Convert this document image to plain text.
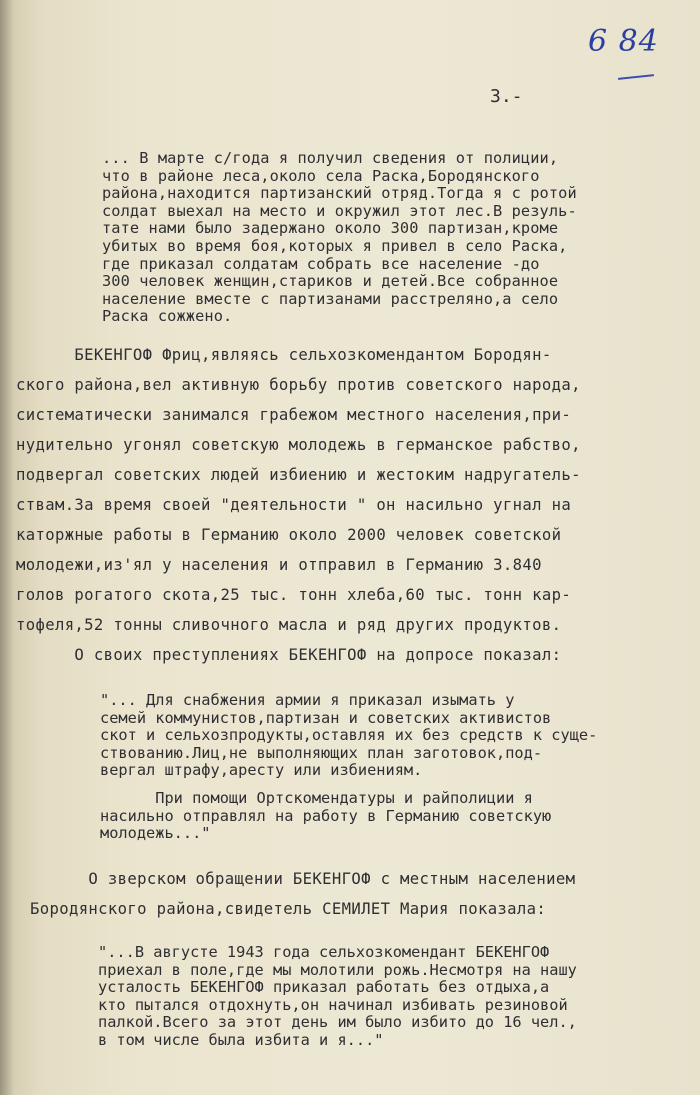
6 84
3.-
... В марте с/года я получил сведения от полиции,
что в районе леса,около села Раска,Бородянского
района,находится партизанский отряд.Тогда я с ротой
солдат выехал на место и окружил этот лес.В резуль-
тате нами было задержано около 300 партизан,кроме
убитых во время боя,которых я привел в село Раска,
где приказал солдатам собрать все население -до
300 человек женщин,стариков и детей.Все собранное
население вместе с партизанами расстреляно,а село
Раска сожжено.
БЕКЕНГОФ Фриц,являясь сельхозкомендантом Бородян-
ского района,вел активную борьбу против советского народа,
систематически занимался грабежом местного населения,при-
нудительно угонял советскую молодежь в германское рабство,
подвергал советских людей избиению и жестоким надругатель-
ствам.За время своей "деятельности " он насильно угнал на
каторжные работы в Германию около 2000 человек советской
молодежи,из'ял у населения и отправил в Германию 3.840
голов рогатого скота,25 тыс. тонн хлеба,60 тыс. тонн кар-
тофеля,52 тонны сливочного масла и ряд других продуктов.
О своих преступлениях БЕКЕНГОФ на допросе показал:
"... Для снабжения армии я приказал изымать у
семей коммунистов,партизан и советских активистов
скот и сельхозпродукты,оставляя их без средств к суще-
ствованию.Лиц,не выполняющих план заготовок,под-
вергал штрафу,аресту или избиениям.
При помощи Ортскомендатуры и райполиции я
насильно отправлял на работу в Германию советскую
молодежь..."
О зверском обращении БЕКЕНГОФ с местным населением
Бородянского района,свидетель СЕМИЛЕТ Мария показала:
"...В августе 1943 года сельхозкомендант БЕКЕНГОФ
приехал в поле,где мы молотили рожь.Несмотря на нашу
усталость БЕКЕНГОФ приказал работать без отдыха,а
кто пытался отдохнуть,он начинал избивать резиновой
палкой.Всего за этот день им было избито до 16 чел.,
в том числе была избита и я..."
